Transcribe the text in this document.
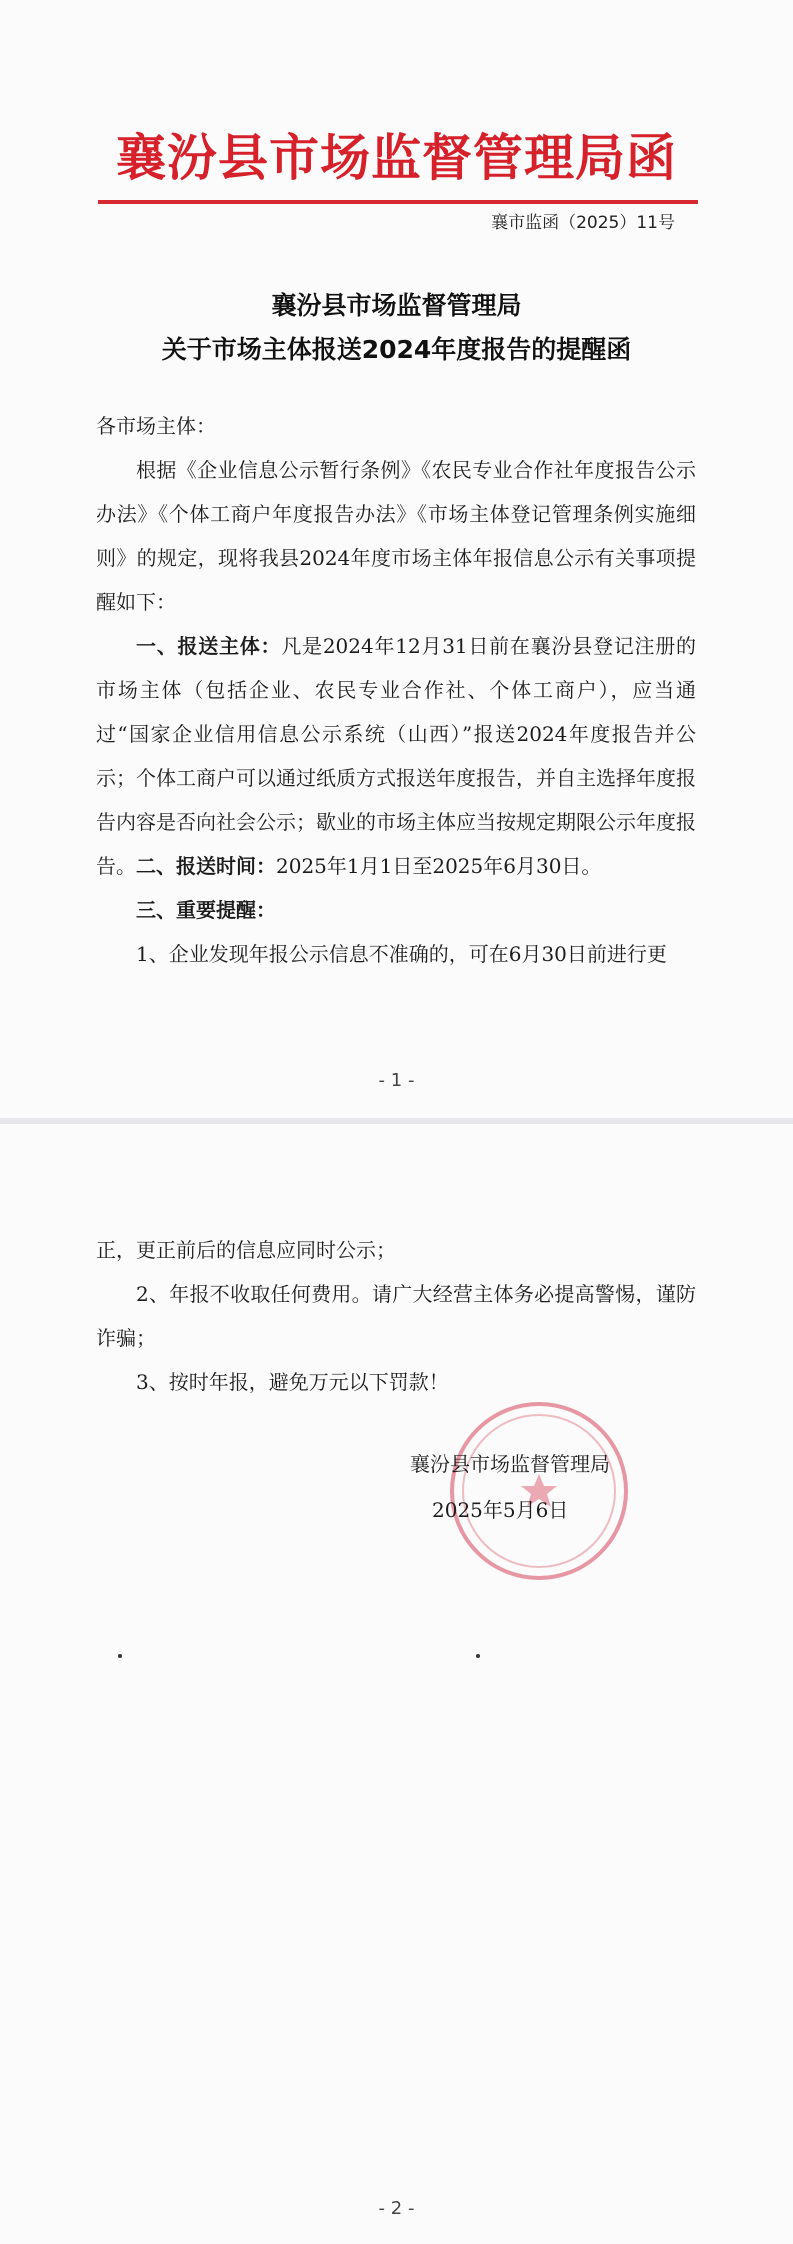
襄汾县市场监督管理局函
襄市监函（2025）11号
襄汾县市场监督管理局
关于市场主体报送2024年度报告的提醒函
各市场主体：
根据《企业信息公示暂行条例》《农民专业合作社年度报告公示办法》《个体工商户年度报告办法》《市场主体登记管理条例实施细则》的规定，现将我县2024年度市场主体年报信息公示有关事项提醒如下：
一、报送主体：凡是2024年12月31日前在襄汾县登记注册的市场主体（包括企业、农民专业合作社、个体工商户），应当通过“国家企业信用信息公示系统（山西）”报送2024年度报告并公示；个体工商户可以通过纸质方式报送年度报告，并自主选择年度报告内容是否向社会公示；歇业的市场主体应当按规定期限公示年度报告。 二、报送时间：2025年1月1日至2025年6月30日。
三、重要提醒：
1、企业发现年报公示信息不准确的，可在6月30日前进行更
- 1 -
- 2 -
正，更正前后的信息应同时公示；
2、年报不收取任何费用。请广大经营主体务必提高警惕，谨防诈骗；
3、按时年报，避免万元以下罚款！
襄汾县市场监督管理局
2025年5月6日
